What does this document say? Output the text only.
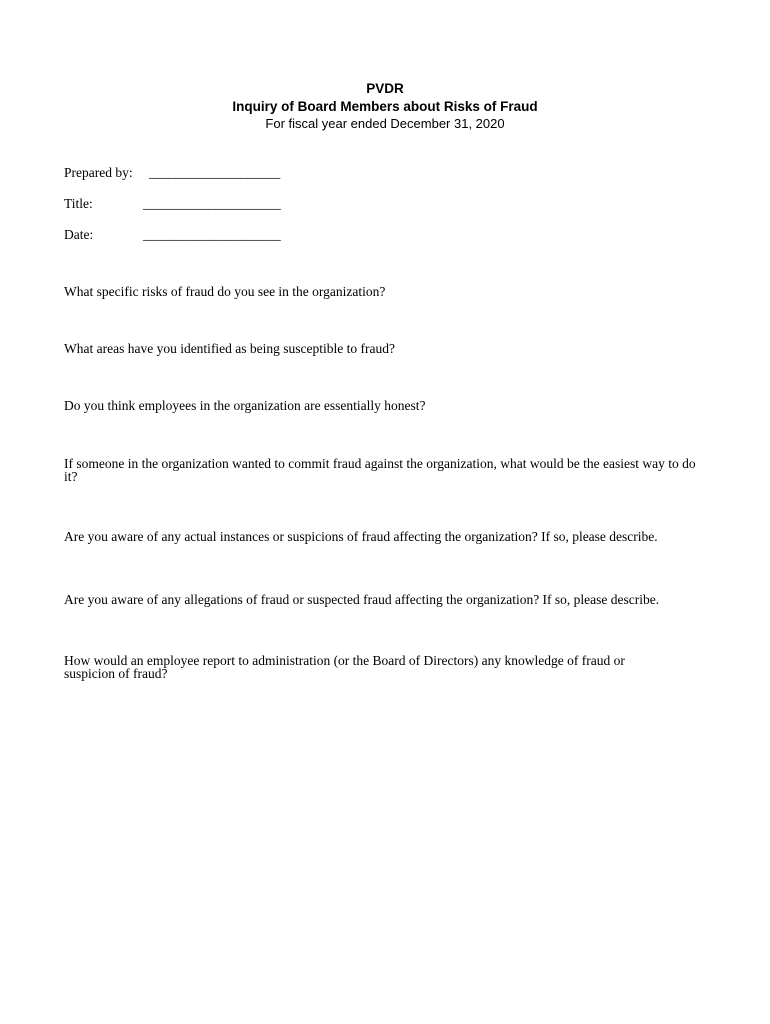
PVDR
Inquiry of Board Members about Risks of Fraud
For fiscal year ended December 31, 2020
Prepared by: ____________________
Title:	_____________________
Date:	_____________________
What specific risks of fraud do you see in the organization?
What areas have you identified as being susceptible to fraud?
Do you think employees in the organization are essentially honest?
If someone in the organization wanted to commit fraud against the organization, what would be the easiest way to do it?
Are you aware of any actual instances or suspicions of fraud affecting the organization? If so, please describe.
Are you aware of any allegations of fraud or suspected fraud affecting the organization? If so, please describe.
How would an employee report to administration (or the Board of Directors) any knowledge of fraud or suspicion of fraud?
